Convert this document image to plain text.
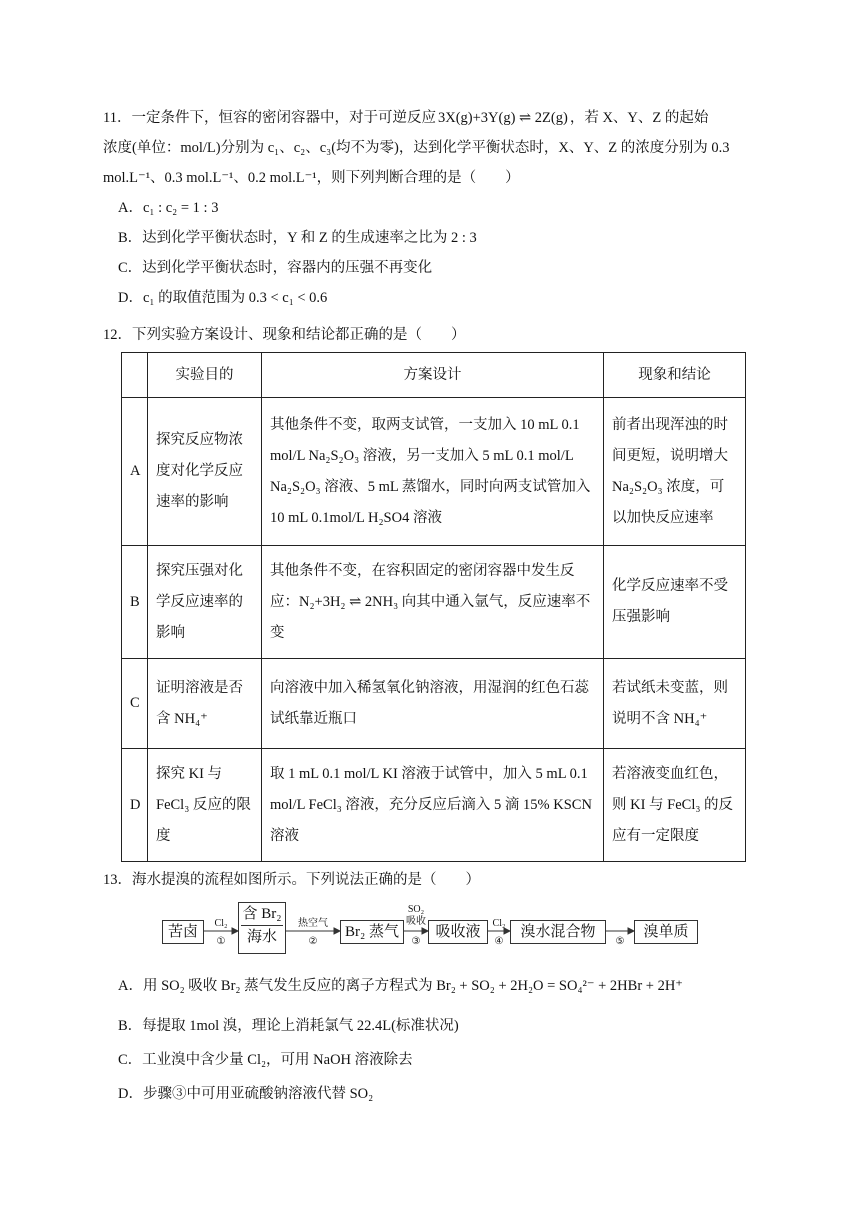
11．一定条件下，恒容的密闭容器中，对于可逆反应 3X(g)+3Y(g) ⇌ 2Z(g) ，若 X、Y、Z 的起始
浓度(单位：mol/L)分别为 c₁、c₂、c₃(均不为零)，达到化学平衡状态时，X、Y、Z 的浓度分别为 0.3
mol.L⁻¹、0.3 mol.L⁻¹、0.2 mol.L⁻¹，则下列判断合理的是（　　）
A．c₁ : c₂ = 1 : 3
B．达到化学平衡状态时，Y 和 Z 的生成速率之比为 2 : 3
C．达到化学平衡状态时，容器内的压强不再变化
D．c₁ 的取值范围为 0.3 < c₁ < 0.6
12．下列实验方案设计、现象和结论都正确的是（　　）
	实验目的	方案设计	现象和结论
A	探究反应物浓度对化学反应速率的影响	其他条件不变，取两支试管，一支加入 10 mL 0.1 mol/L Na₂S₂O₃ 溶液，另一支加入 5 mL 0.1 mol/L Na₂S₂O₃ 溶液、5 mL 蒸馏水，同时向两支试管加入 10 mL 0.1mol/L H₂SO4 溶液	前者出现浑浊的时间更短，说明增大 Na₂S₂O₃ 浓度，可以加快反应速率
B	探究压强对化学反应速率的影响	其他条件不变，在容积固定的密闭容器中发生反应：N₂+3H₂ ⇌ 2NH₃ 向其中通入氩气，反应速率不变	化学反应速率不受压强影响
C	证明溶液是否含 NH₄⁺	向溶液中加入稀氢氧化钠溶液，用湿润的红色石蕊试纸靠近瓶口	若试纸未变蓝，则说明不含 NH₄⁺
D	探究 KI 与 FeCl₃ 反应的限度	取 1 mL 0.1 mol/L KI 溶液于试管中，加入 5 mL 0.1 mol/L FeCl₃ 溶液，充分反应后滴入 5 滴 15% KSCN 溶液	若溶液变血红色，则 KI 与 FeCl₃ 的反应有一定限度
13．海水提溴的流程如图所示。下列说法正确的是（　　）
苦卤
含 Br₂
海水	Br₂ 蒸气	吸收液	溴水混合物	溴单质
Cl₂	热空气
SO₂
吸收	Cl₂
①	②	③	④	⑤
A．用 SO₂ 吸收 Br₂ 蒸气发生反应的离子方程式为 Br₂ + SO₂ + 2H₂O = SO₄²⁻ + 2HBr + 2H⁺
B．每提取 1mol 溴，理论上消耗氯气 22.4L(标准状况)
C．工业溴中含少量 Cl₂，可用 NaOH 溶液除去
D．步骤③中可用亚硫酸钠溶液代替 SO₂
